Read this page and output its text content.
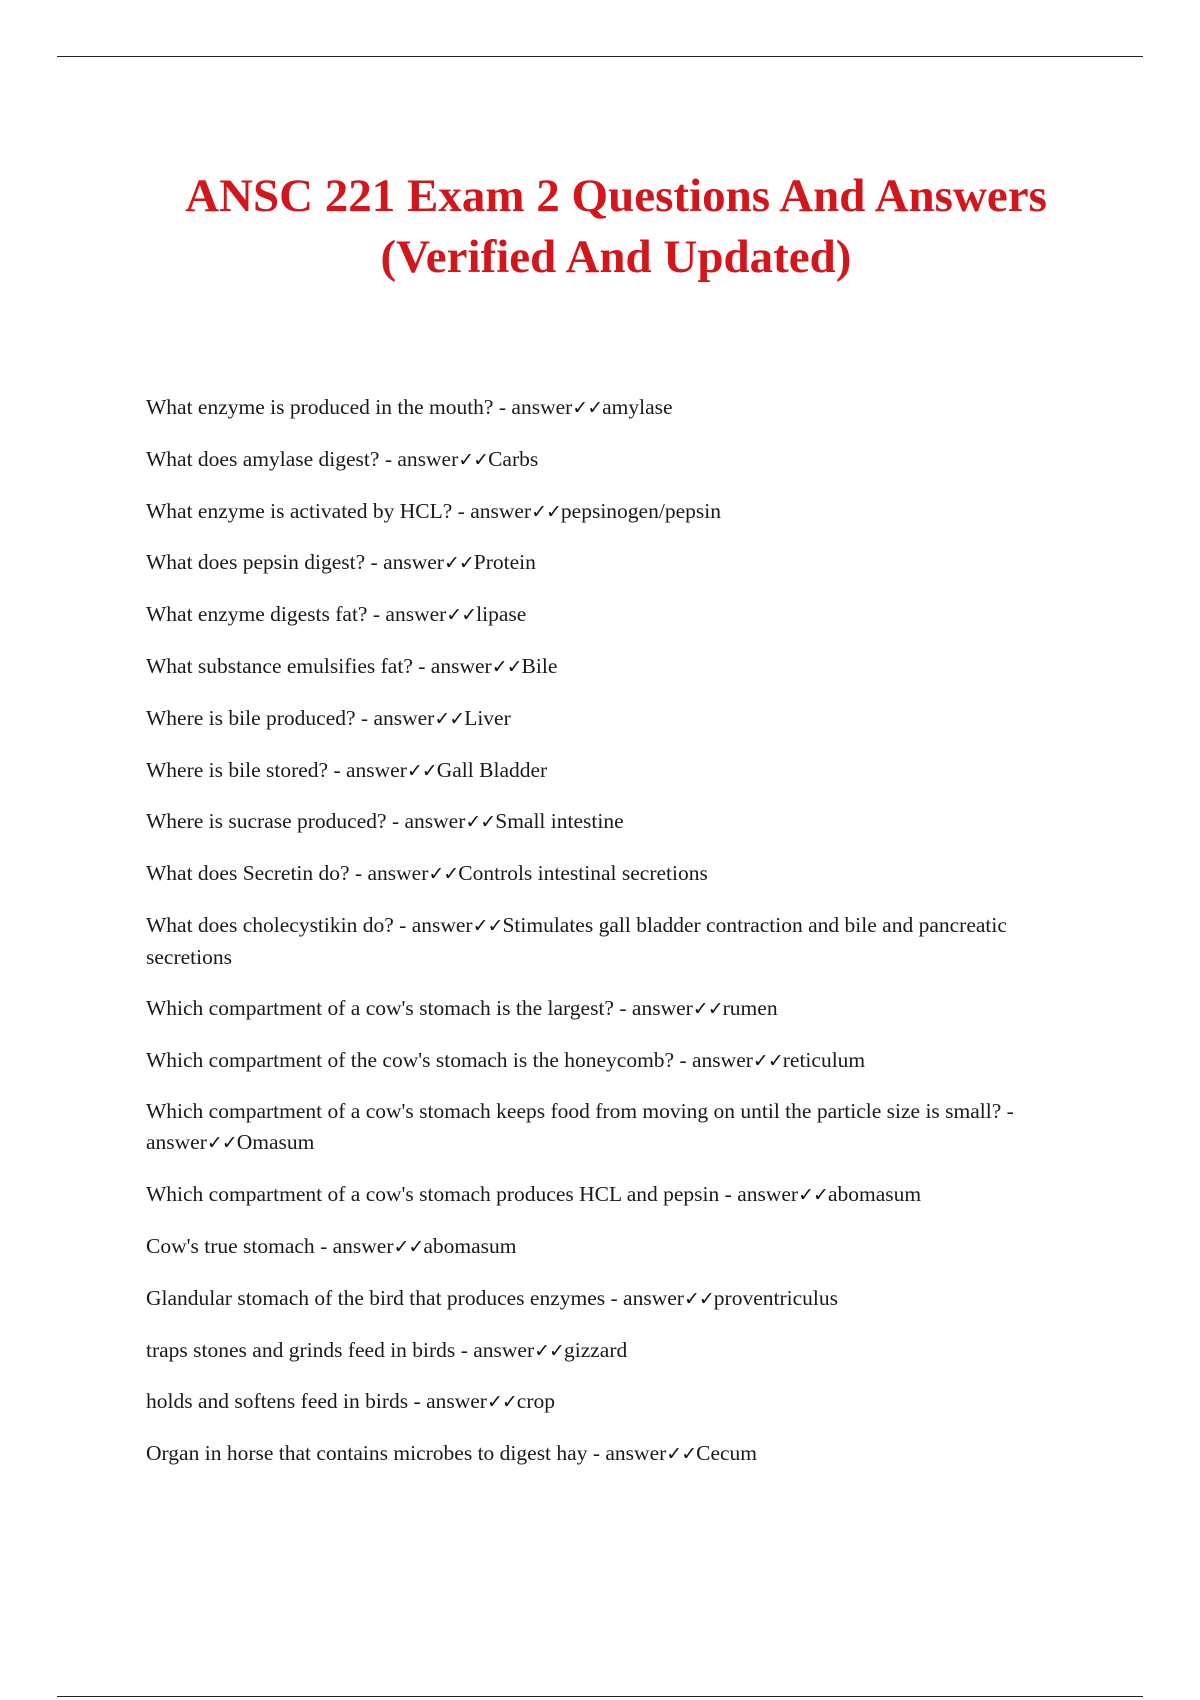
ANSC 221 Exam 2 Questions And Answers (Verified And Updated)
What enzyme is produced in the mouth? - answer✓✓amylase
What does amylase digest? - answer✓✓Carbs
What enzyme is activated by HCL? - answer✓✓pepsinogen/pepsin
What does pepsin digest? - answer✓✓Protein
What enzyme digests fat? - answer✓✓lipase
What substance emulsifies fat? - answer✓✓Bile
Where is bile produced? - answer✓✓Liver
Where is bile stored? - answer✓✓Gall Bladder
Where is sucrase produced? - answer✓✓Small intestine
What does Secretin do? - answer✓✓Controls intestinal secretions
What does cholecystikin do? - answer✓✓Stimulates gall bladder contraction and bile and pancreatic secretions
Which compartment of a cow's stomach is the largest? - answer✓✓rumen
Which compartment of the cow's stomach is the honeycomb? - answer✓✓reticulum
Which compartment of a cow's stomach keeps food from moving on until the particle size is small? - answer✓✓Omasum
Which compartment of a cow's stomach produces HCL and pepsin - answer✓✓abomasum
Cow's true stomach - answer✓✓abomasum
Glandular stomach of the bird that produces enzymes - answer✓✓proventriculus
traps stones and grinds feed in birds - answer✓✓gizzard
holds and softens feed in birds - answer✓✓crop
Organ in horse that contains microbes to digest hay - answer✓✓Cecum
